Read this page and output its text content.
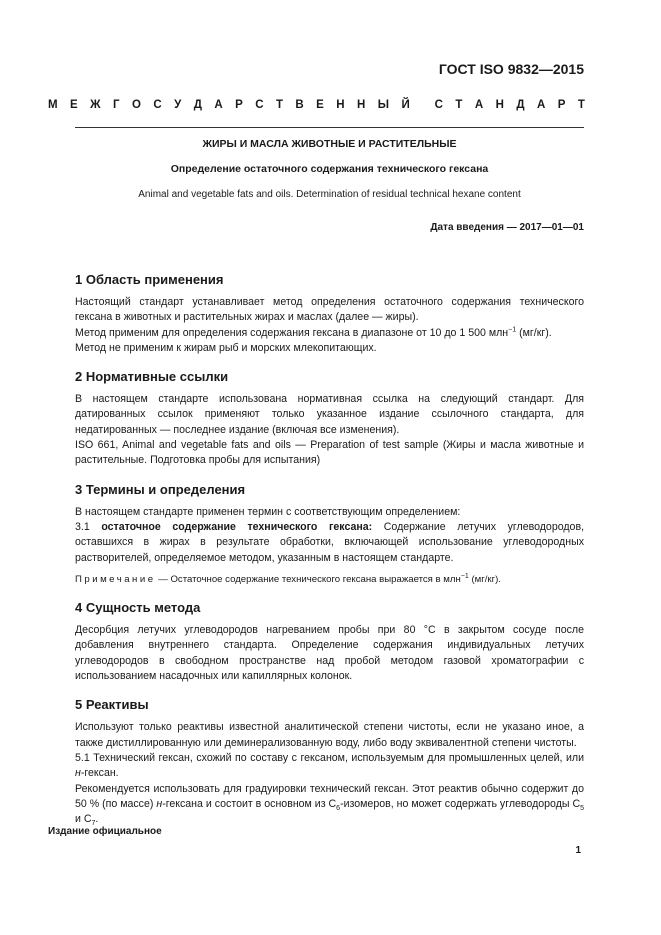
ГОСТ ISO 9832—2015
М Е Ж Г О С У Д А Р С Т В Е Н Н Ы Й С Т А Н Д А Р Т
ЖИРЫ И МАСЛА ЖИВОТНЫЕ И РАСТИТЕЛЬНЫЕ
Определение остаточного содержания технического гексана
Animal and vegetable fats and oils. Determination of residual technical hexane content
Дата введения — 2017—01—01
1 Область применения

Настоящий стандарт устанавливает метод определения остаточного содержания технического гексана в животных и растительных жирах и маслах (далее — жиры).

Метод применим для определения содержания гексана в диапазоне от 10 до 1 500 млн$^{-1}$ (мг/кг).

Метод не применим к жирам рыб и морских млекопитающих.

2 Нормативные ссылки

В настоящем стандарте использована нормативная ссылка на следующий стандарт. Для датированных ссылок применяют только указанное издание ссылочного стандарта, для недатированных — последнее издание (включая все изменения).

ISO 661, Animal and vegetable fats and oils — Preparation of test sample (Жиры и масла животные и растительные. Подготовка пробы для испытания)

3 Термины и определения

В настоящем стандарте применен термин с соответствующим определением:

3.1 остаточное содержание технического гексана: Содержание летучих углеводородов, оставшихся в жирах в результате обработки, включающей использование углеводородных растворителей, определяемое методом, указанным в настоящем стандарте.

Примечание — Остаточное содержание технического гексана выражается в млн$^{-1}$ (мг/кг).

4 Сущность метода

Десорбция летучих углеводородов нагреванием пробы при 80 °С в закрытом сосуде после добавления внутреннего стандарта. Определение содержания индивидуальных летучих углеводородов в свободном пространстве над пробой методом газовой хроматографии с использованием насадочных или капиллярных колонок.

5 Реактивы

Используют только реактивы известной аналитической степени чистоты, если не указано иное, а также дистиллированную или деминерализованную воду, либо воду эквивалентной степени чистоты.

5.1 Технический гексан, схожий по составу с гексаном, используемым для промышленных целей, или н-гексан.

Рекомендуется использовать для градуировки технический гексан. Этот реактив обычно содержит до 50 % (по массе) н-гексана и состоит в основном из $С_6$-изомеров, но может содержать углеводороды $С_5$ и $С_7$.

Издание официальное
1
